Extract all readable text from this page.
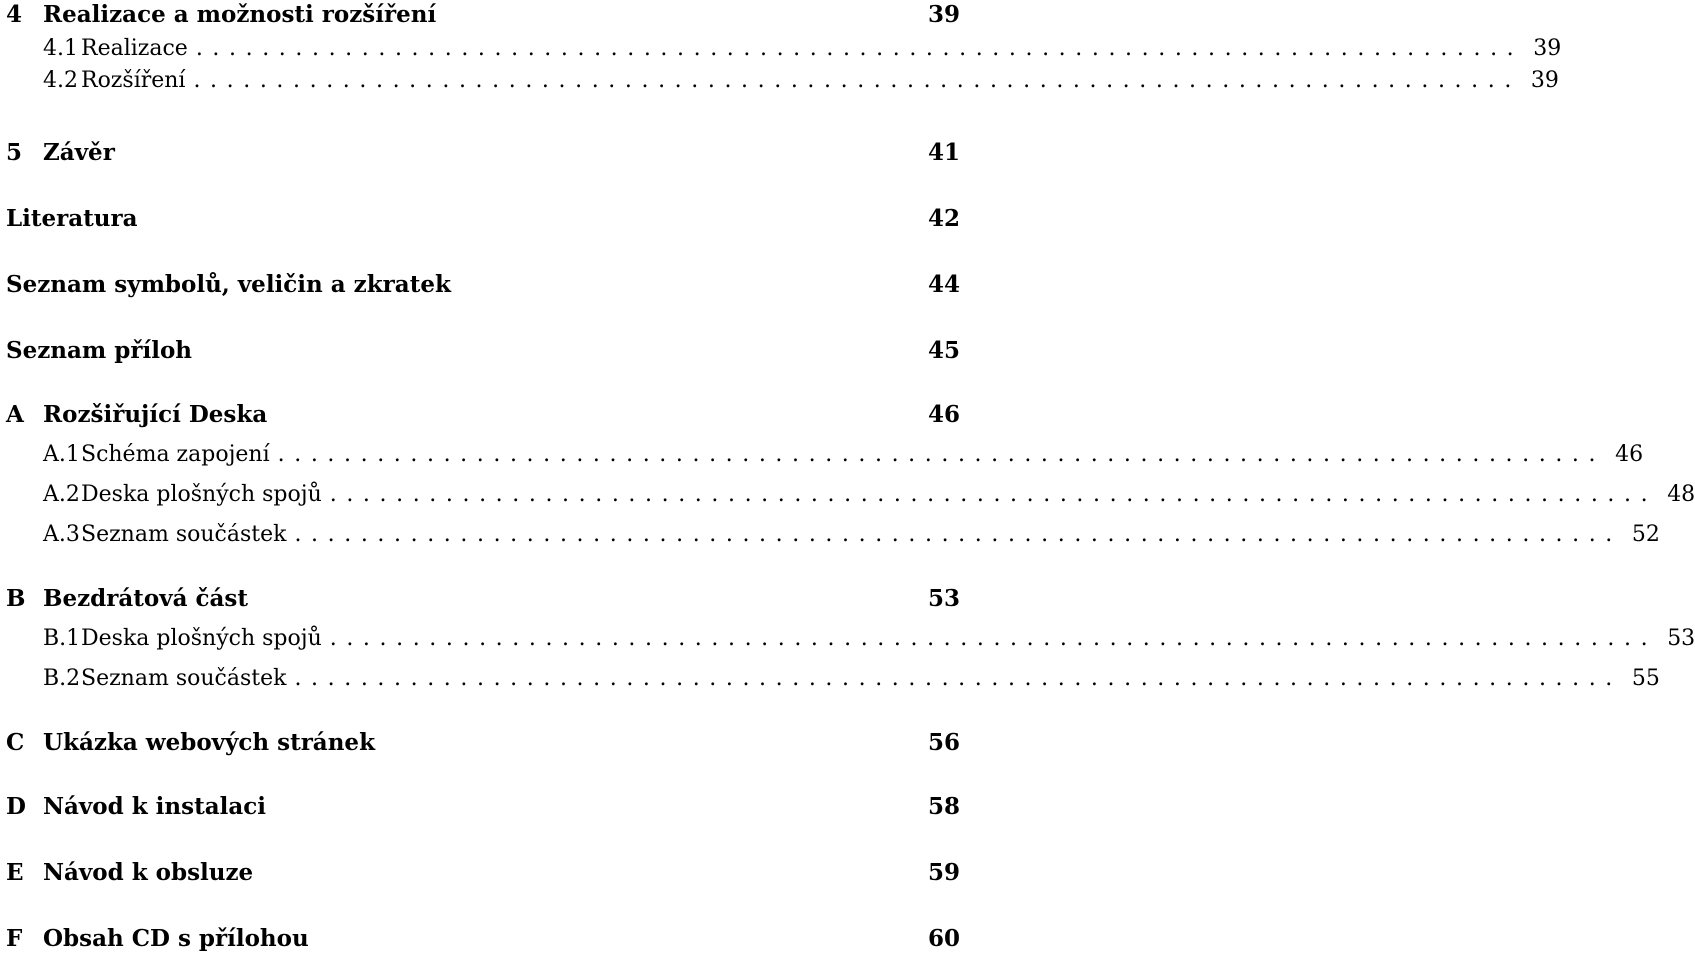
4 Realizace a možnosti rozšíření	39
4.1 Realizace ................................................................................ 39
4.2 Rozšíření ................................................................................ 39
5 Závěr	41
Literatura	42
Seznam symbolů, veličin a zkratek	44
Seznam příloh	45
A Rozšiřující Deska	46
A.1 Schéma zapojení ................................................................................ 46
A.2 Deska plošných spojů ................................................................................ 48
A.3 Seznam součástek ................................................................................ 52
B Bezdrátová část	53
B.1 Deska plošných spojů ................................................................................ 53
B.2 Seznam součástek ................................................................................ 55
C Ukázka webových stránek	56
D Návod k instalaci	58
E Návod k obsluze	59
F Obsah CD s přílohou	60
